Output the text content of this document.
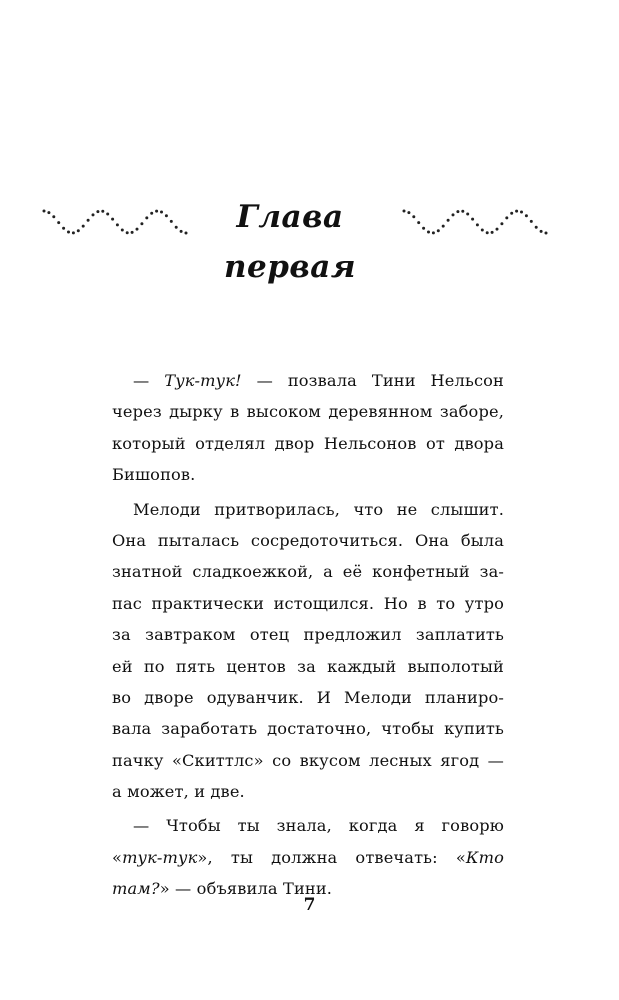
Глава первая
— Тук-тук! — позвала Тини Нельсон
через дырку в высоком деревянном заборе,
который отделял двор Нельсонов от двора
Бишопов.
Мелоди притворилась, что не слышит.
Она пыталась сосредоточиться. Она была
знатной сладкоежкой, а её конфетный за-
пас практически истощился. Но в то утро
за завтраком отец предложил заплатить
ей по пять центов за каждый выполотый
во дворе одуванчик. И Мелоди планиро-
вала заработать достаточно, чтобы купить
пачку «Скиттлс» со вкусом лесных ягод —
а может, и две.
— Чтобы ты знала, когда я говорю
«тук-тук», ты должна отвечать: «Кто
там?» — объявила Тини.
7
